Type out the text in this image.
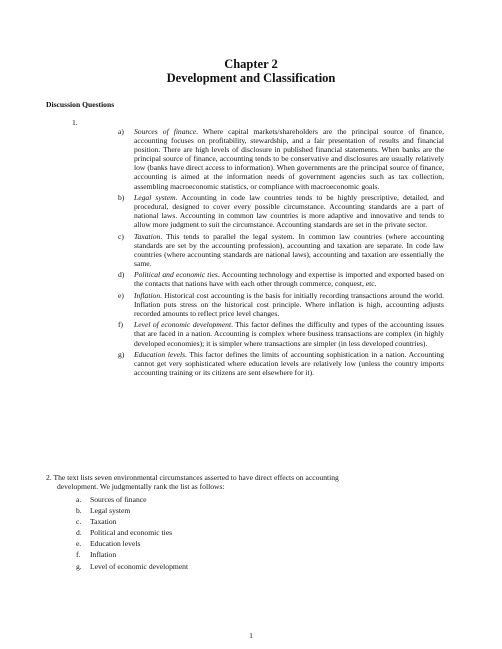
Chapter 2
Development and Classification
Discussion Questions
1.
a) Sources of finance. Where capital markets/shareholders are the principal source of finance, accounting focuses on profitability, stewardship, and a fair presentation of results and financial position. There are high levels of disclosure in published financial statements. When banks are the principal source of finance, accounting tends to be conservative and disclosures are usually relatively low (banks have direct access to information). When governments are the principal source of finance, accounting is aimed at the information needs of government agencies such as tax collection, assembling macroeconomic statistics, or compliance with macroeconomic goals.
b) Legal system. Accounting in code law countries tends to be highly prescriptive, detailed, and procedural, designed to cover every possible circumstance. Accounting standards are a part of national laws. Accounting in common law countries is more adaptive and innovative and tends to allow more judgment to suit the circumstance. Accounting standards are set in the private sector.
c) Taxation. This tends to parallel the legal system. In common law countries (where accounting standards are set by the accounting profession), accounting and taxation are separate. In code law countries (where accounting standards are national laws), accounting and taxation are essentially the same.
d) Political and economic ties. Accounting technology and expertise is imported and exported based on the contacts that nations have with each other through commerce, conquest, etc.
e) Inflation. Historical cost accounting is the basis for initially recording transactions around the world. Inflation puts stress on the historical cost principle. Where inflation is high, accounting adjusts recorded amounts to reflect price level changes.
f) Level of economic development. This factor defines the difficulty and types of the accounting issues that are faced in a nation. Accounting is complex where business transactions are complex (in highly developed economies); it is simpler where transactions are simpler (in less developed countries).
g) Education levels. This factor defines the limits of accounting sophistication in a nation. Accounting cannot get very sophisticated where education levels are relatively low (unless the country imports accounting training or its citizens are sent elsewhere for it).
2. The text lists seven environmental circumstances asserted to have direct effects on accounting
development. We judgmentally rank the list as follows:
a. Sources of finance
b. Legal system
c. Taxation
d. Political and economic ties
e. Education levels
f. Inflation
g. Level of economic development
1
